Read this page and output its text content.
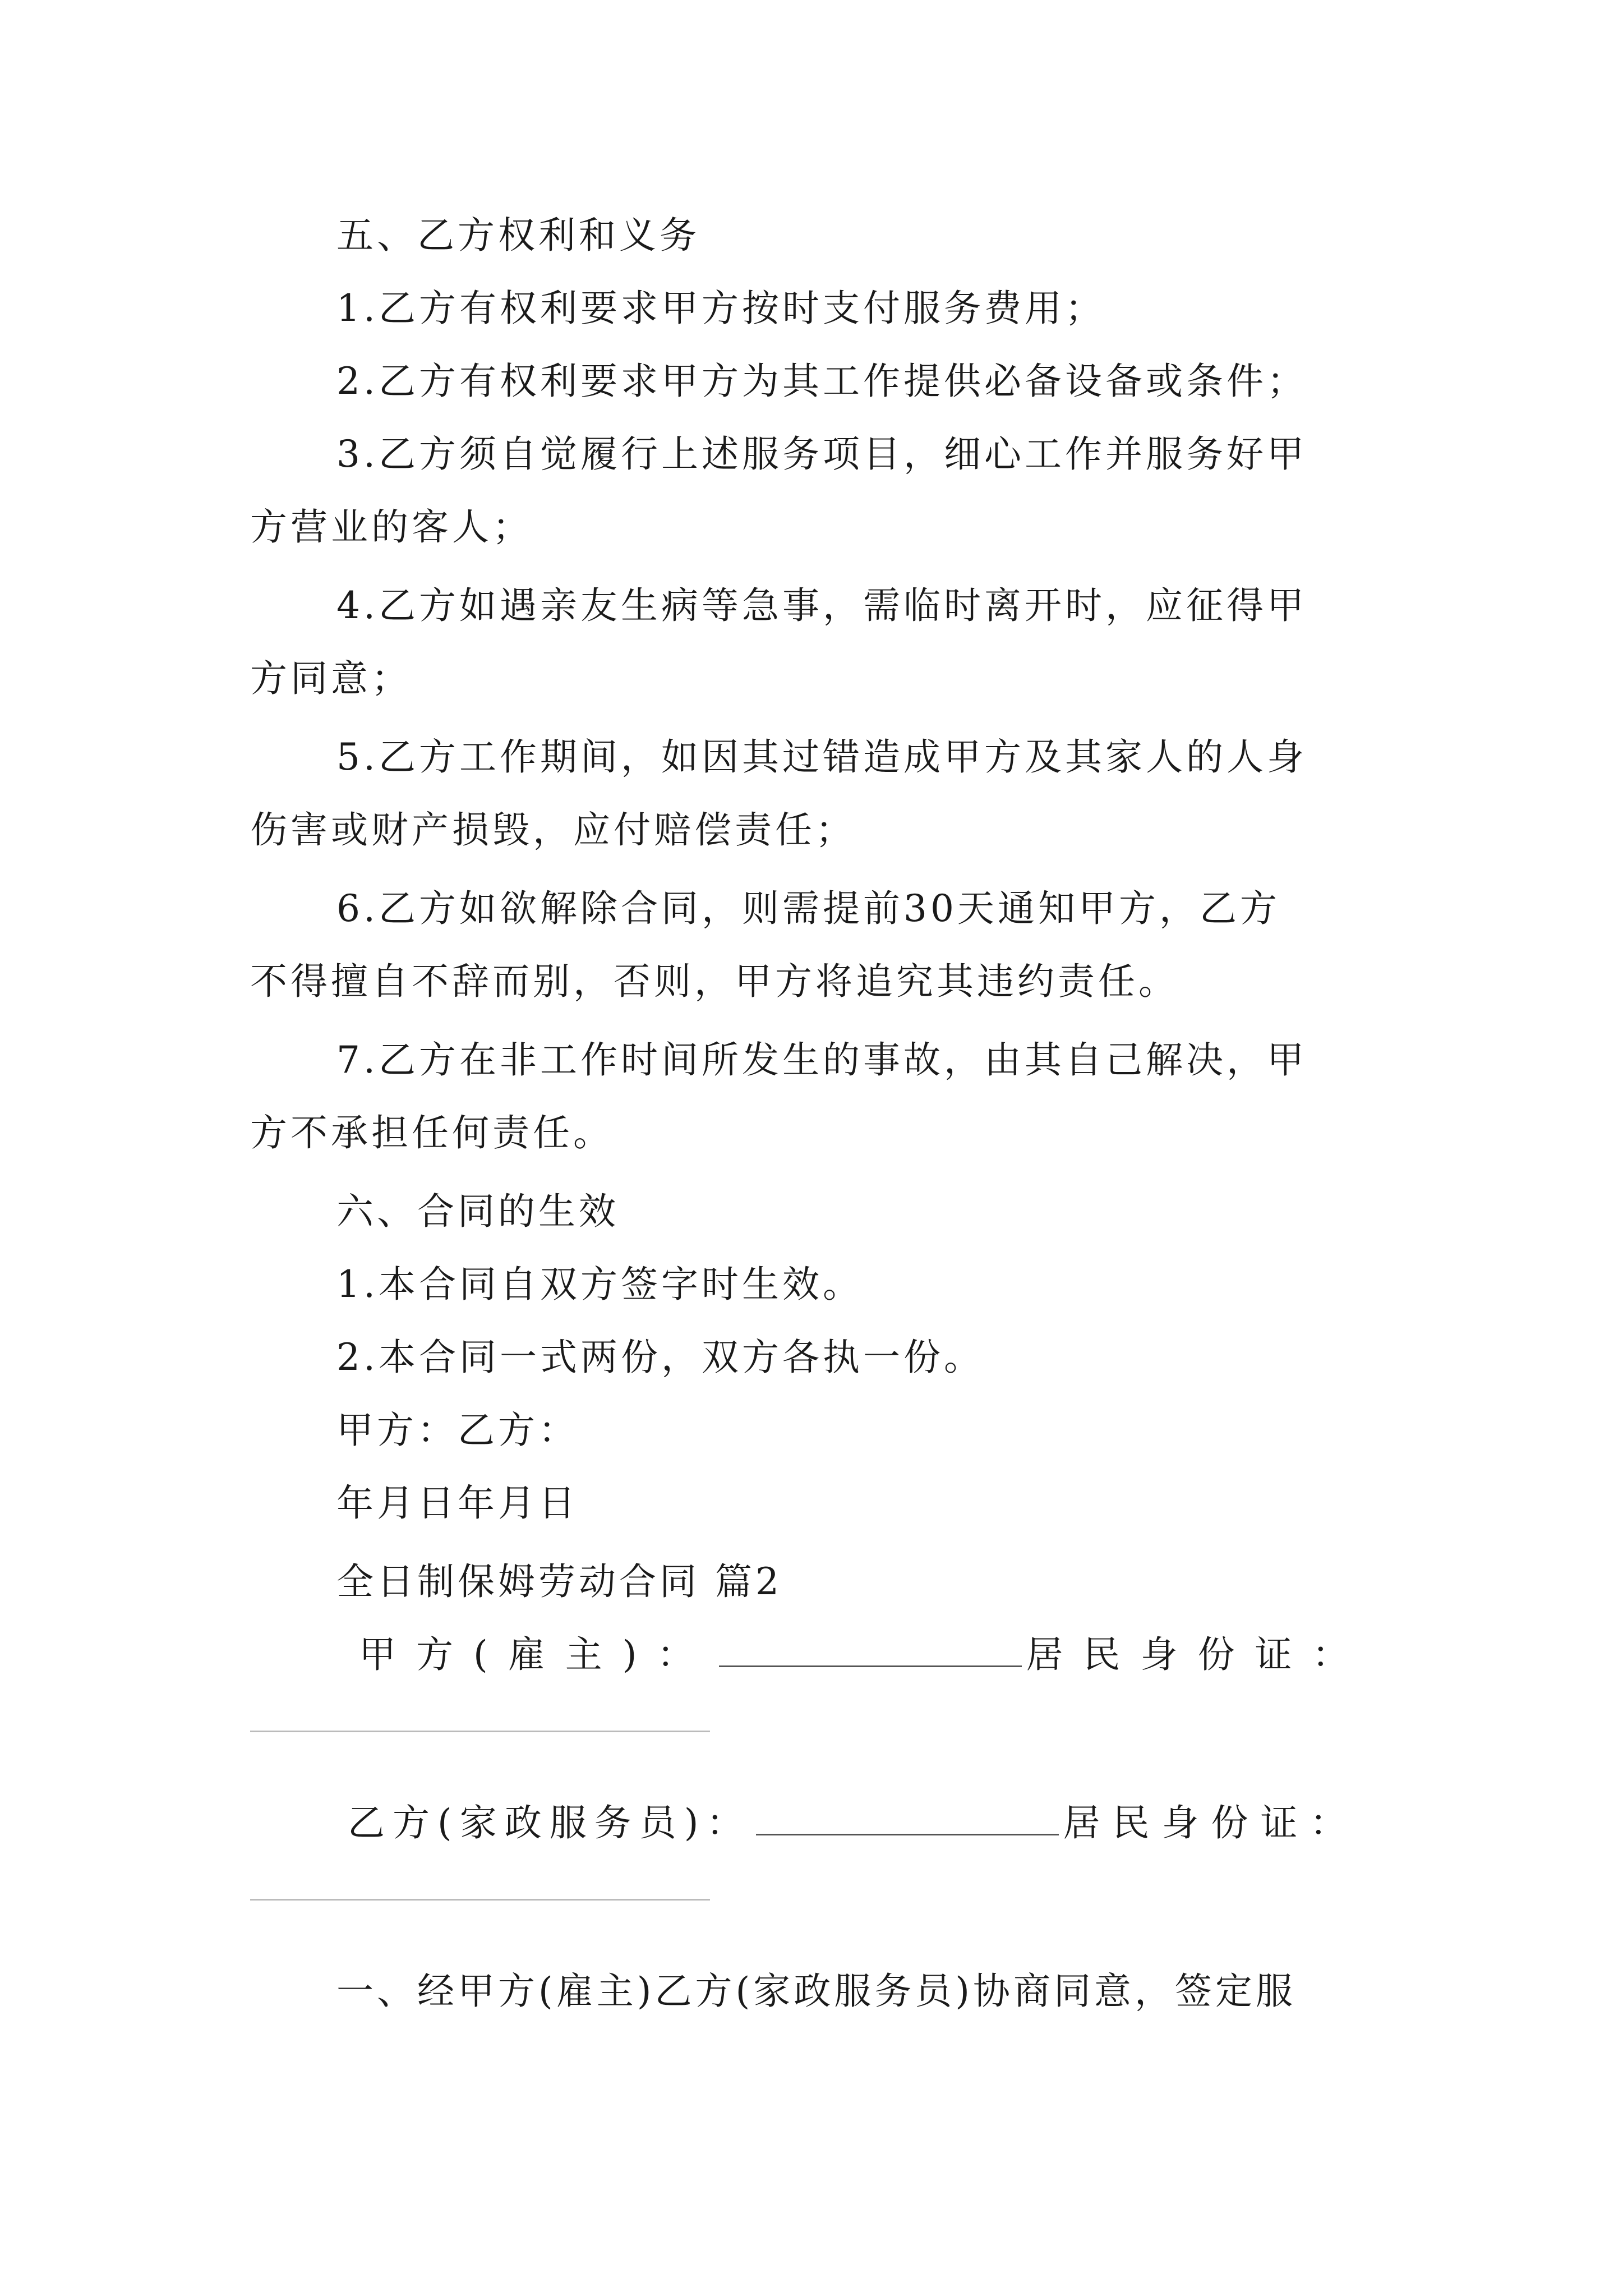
五、乙方权利和义务
1.乙方有权利要求甲方按时支付服务费用；
2.乙方有权利要求甲方为其工作提供必备设备或条件；
3.乙方须自觉履行上述服务项目，细心工作并服务好甲
方营业的客人；
4.乙方如遇亲友生病等急事，需临时离开时，应征得甲
方同意；
5.乙方工作期间，如因其过错造成甲方及其家人的人身
伤害或财产损毁，应付赔偿责任；
6.乙方如欲解除合同，则需提前30天通知甲方，乙方
不得擅自不辞而别，否则，甲方将追究其违约责任。
7.乙方在非工作时间所发生的事故，由其自己解决，甲
方不承担任何责任。
六、合同的生效
1.本合同自双方签字时生效。
2.本合同一式两份，双方各执一份。
甲方：乙方：
年月日年月日
全日制保姆劳动合同 篇2
甲方(雇主)：	居民身份证：
乙方(家政服务员)：	居民身份证：
一、经甲方(雇主)乙方(家政服务员)协商同意，签定服
